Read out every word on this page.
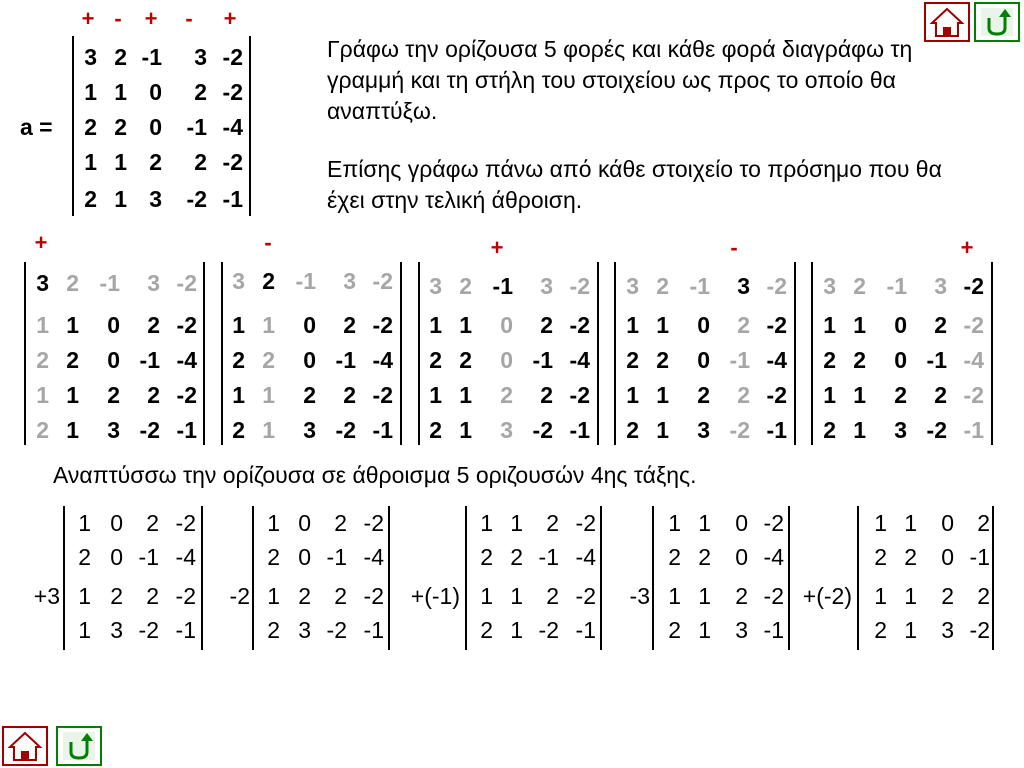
+ -	+	-	+
3 2 -1	3 -2
1 1 0	2 -2
2 2 0	-1 -4
1 1 2	2 -2
2 1 3	-2 -1
a =
Γράφω την ορίζουσα 5 φορές και κάθε φορά διαγράφω τη γραμμή και τη στήλη του στοιχείου ως προς το οποίο θα αναπτύξω.
Επίσης γράφω πάνω από κάθε στοιχείο το πρόσημο που θα έχει στην τελική άθροιση.
+
3 2 -1	3 -2
1 1	0	2 -2
2 2	0 -1 -4
1 1	2	2 -2
2 1	3 -2 -1
-
3 2 -1	3 -2
1 1	0	2 -2
2 2	0 -1 -4
1 1	2	2 -2
2 1	3 -2 -1
+
3 2 -1	3 -2
1 1	0	2 -2
2 2	0 -1 -4
1 1	2	2 -2
2 1	3 -2 -1
-
3 2 -1	3 -2
1 1	0	2 -2
2 2	0 -1 -4
1 1	2	2 -2
2 1	3 -2 -1
+
3 2 -1	3 -2
1 1	0	2 -2
2 2	0 -1 -4
1 1	2	2 -2
2 1	3 -2 -1
Αναπτύσσω την ορίζουσα σε άθροισμα 5 οριζουσών 4ης τάξης.
+3
1 0	2 -2
2 0 -1 -4
1 2	2 -2
1 3 -2 -1
-2
1 0	2 -2
2 0 -1 -4
1 2	2 -2
2 3 -2 -1
+(-1)
1 1	2 -2
2 2 -1 -4
1 1	2 -2
2 1 -2 -1
-3
1 1	0 -2
2 2	0 -4
1 1	2 -2
2 1	3 -1
+(-2)
1 1	0	2
2 2	0 -1
1 1	2	2
2 1	3 -2
